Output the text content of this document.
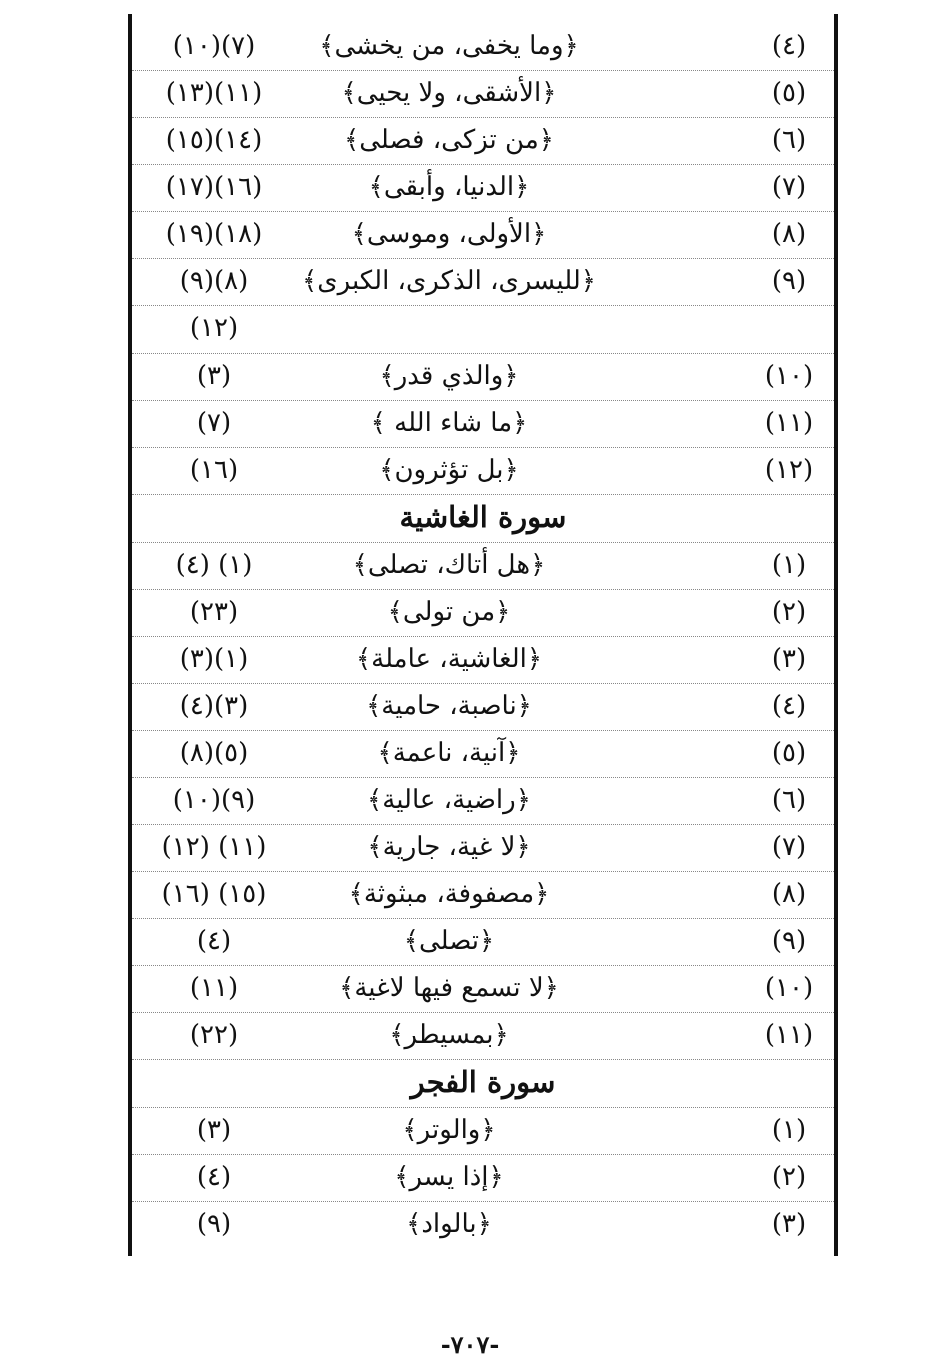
(٤)
﴿وما يخفى، من يخشى﴾
(٧)(١٠)
(٥)
﴿الأشقى، ولا يحيى﴾
(١١)(١٣)
(٦)
﴿من تزكى، فصلى﴾
(١٤)(١٥)
(٧)
﴿الدنيا، وأبقى﴾
(١٦)(١٧)
(٨)
﴿الأولى، وموسى﴾
(١٨)(١٩)
(٩)
﴿لليسرى، الذكرى، الكبرى﴾
(٨)(٩)
(١٢)
(١٠)
﴿والذي قدر﴾
(٣)
(١١)
﴿ما شاء الله ﴾
(٧)
(١٢)
﴿بل تؤثرون﴾
(١٦)
سورة الغاشية
(١)
﴿هل أتاك، تصلى﴾
(١) (٤)
(٢)
﴿من تولى﴾
(٢٣)
(٣)
﴿الغاشية، عاملة﴾
(١)(٣)
(٤)
﴿ناصبة، حامية﴾
(٣)(٤)
(٥)
﴿آنية، ناعمة﴾
(٥)(٨)
(٦)
﴿راضية، عالية﴾
(٩)(١٠)
(٧)
﴿لا غية، جارية﴾
(١١) (١٢)
(٨)
﴿مصفوفة، مبثوثة﴾
(١٥) (١٦)
(٩)
﴿تصلى﴾
(٤)
(١٠)
﴿لا تسمع فيها لاغية﴾
(١١)
(١١)
﴿بمسيطر﴾
(٢٢)
سورة الفجر
(١)
﴿والوتر﴾
(٣)
(٢)
﴿إذا يسر﴾
(٤)
(٣)
﴿بالواد﴾
(٩)
-٧٠٧-
